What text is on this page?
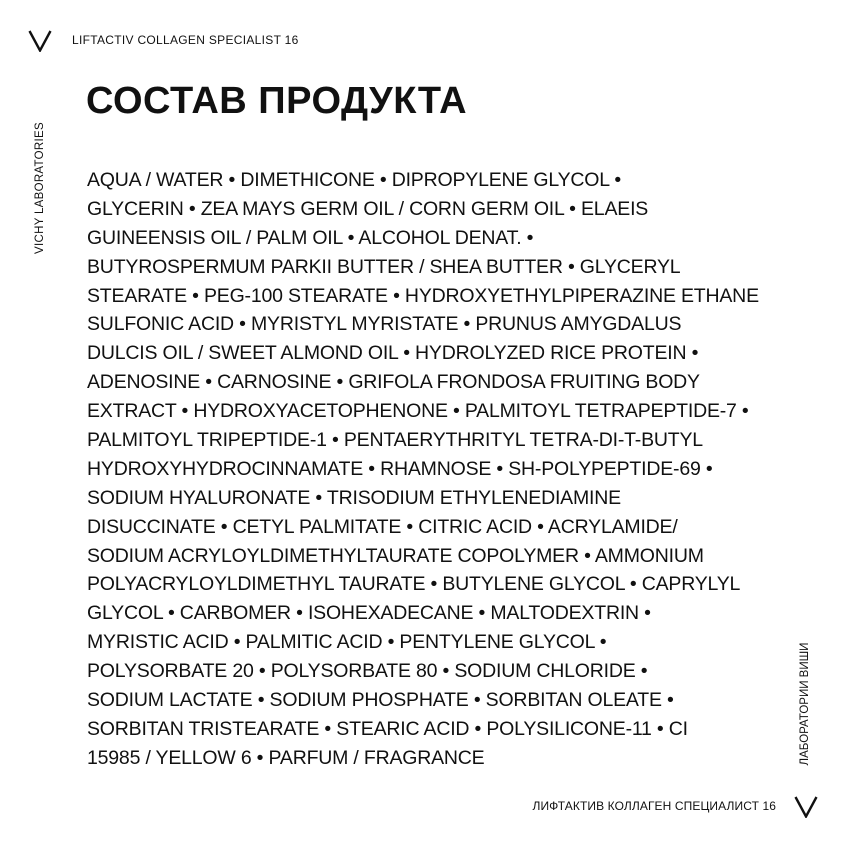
LIFTACTIV COLLAGEN SPECIALIST 16
VICHY LABORATORIES
СОСТАВ ПРОДУКТА
AQUA / WATER • DIMETHICONE • DIPROPYLENE GLYCOL •
GLYCERIN • ZEA MAYS GERM OIL / CORN GERM OIL • ELAEIS
GUINEENSIS OIL / PALM OIL • ALCOHOL DENAT. •
BUTYROSPERMUM PARKII BUTTER / SHEA BUTTER • GLYCERYL
STEARATE • PEG-100 STEARATE • HYDROXYETHYLPIPERAZINE ETHANE
SULFONIC ACID • MYRISTYL MYRISTATE • PRUNUS AMYGDALUS
DULCIS OIL / SWEET ALMOND OIL • HYDROLYZED RICE PROTEIN •
ADENOSINE • CARNOSINE • GRIFOLA FRONDOSA FRUITING BODY
EXTRACT • HYDROXYACETOPHENONE • PALMITOYL TETRAPEPTIDE-7 •
PALMITOYL TRIPEPTIDE-1 • PENTAERYTHRITYL TETRA-DI-T-BUTYL
HYDROXYHYDROCINNAMATE • RHAMNOSE • SH-POLYPEPTIDE-69 •
SODIUM HYALURONATE • TRISODIUM ETHYLENEDIAMINE
DISUCCINATE • CETYL PALMITATE • CITRIC ACID • ACRYLAMIDE/
SODIUM ACRYLOYLDIMETHYLTAURATE COPOLYMER • AMMONIUM
POLYACRYLOYLDIMETHYL TAURATE • BUTYLENE GLYCOL • CAPRYLYL
GLYCOL • CARBOMER • ISOHEXADECANE • MALTODEXTRIN •
MYRISTIC ACID • PALMITIC ACID • PENTYLENE GLYCOL •
POLYSORBATE 20 • POLYSORBATE 80 • SODIUM CHLORIDE •
SODIUM LACTATE • SODIUM PHOSPHATE • SORBITAN OLEATE •
SORBITAN TRISTEARATE • STEARIC ACID • POLYSILICONE-11 • CI
15985 / YELLOW 6 • PARFUM / FRAGRANCE	ЛАБОРАТОРИИ ВИШИ
ЛИФТАКТИВ КОЛЛАГЕН СПЕЦИАЛИСТ 16
